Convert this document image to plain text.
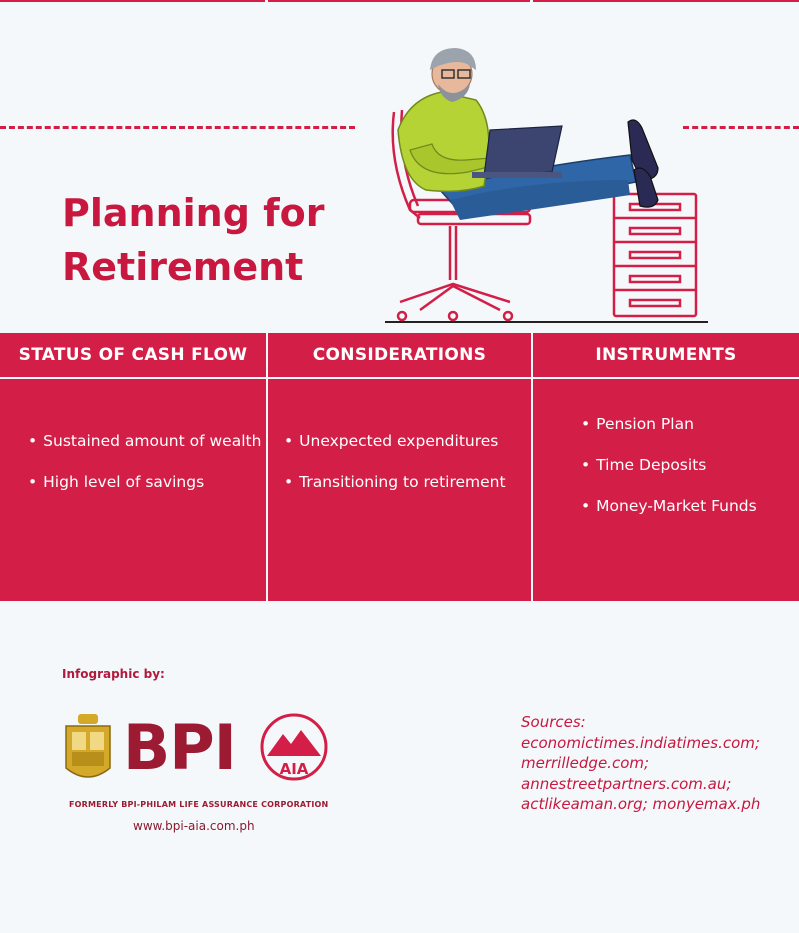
Planning for
Retirement
STATUS OF CASH FLOW
• Sustained amount of wealth
• High level of savings
CONSIDERATIONS
• Unexpected expenditures
• Transitioning to retirement
INSTRUMENTS
• Pension Plan
• Time Deposits
• Money-Market Funds
Infographic by:
BPI	AIA
FORMERLY BPI-PHILAM LIFE ASSURANCE CORPORATION
www.bpi-aia.com.ph
Sources:
economictimes.indiatimes.com;
merrilledge.com;
annestreetpartners.com.au;
actlikeaman.org; monyemax.ph
